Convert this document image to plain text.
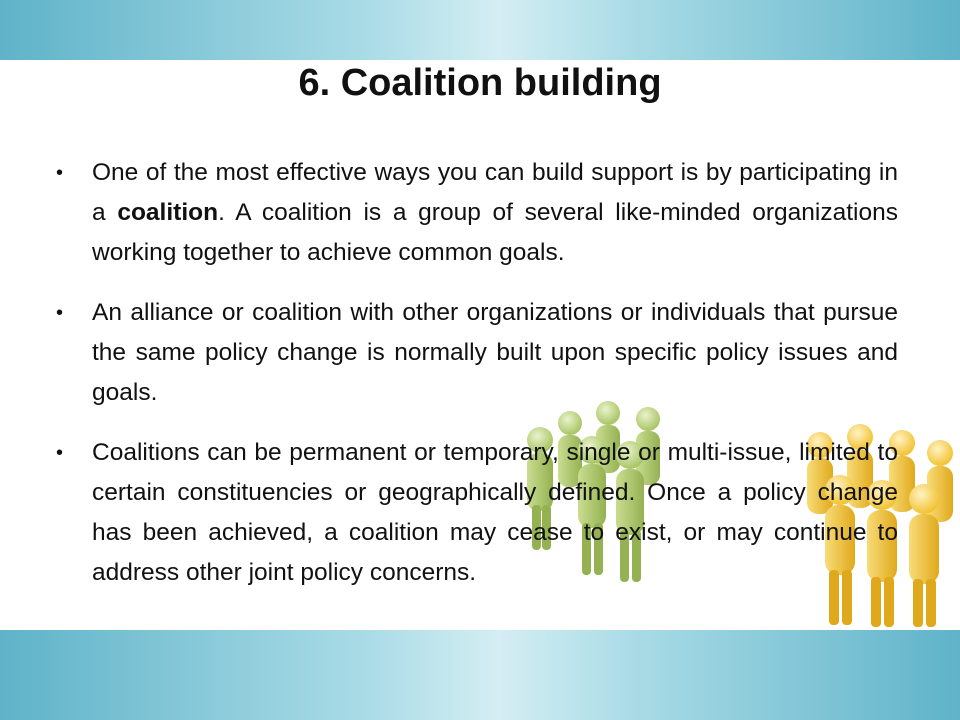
6. Coalition building
• One of the most effective ways you can build support is by participating in a coalition. A coalition is a group of several like-minded organizations working together to achieve common goals.
• An alliance or coalition with other organizations or individuals that pursue the same policy change is normally built upon specific policy issues and goals.
• Coalitions can be permanent or temporary, single or multi-issue, limited to certain constituencies or geographically defined. Once a policy change has been achieved, a coalition may cease to exist, or may continue to address other joint policy concerns.
